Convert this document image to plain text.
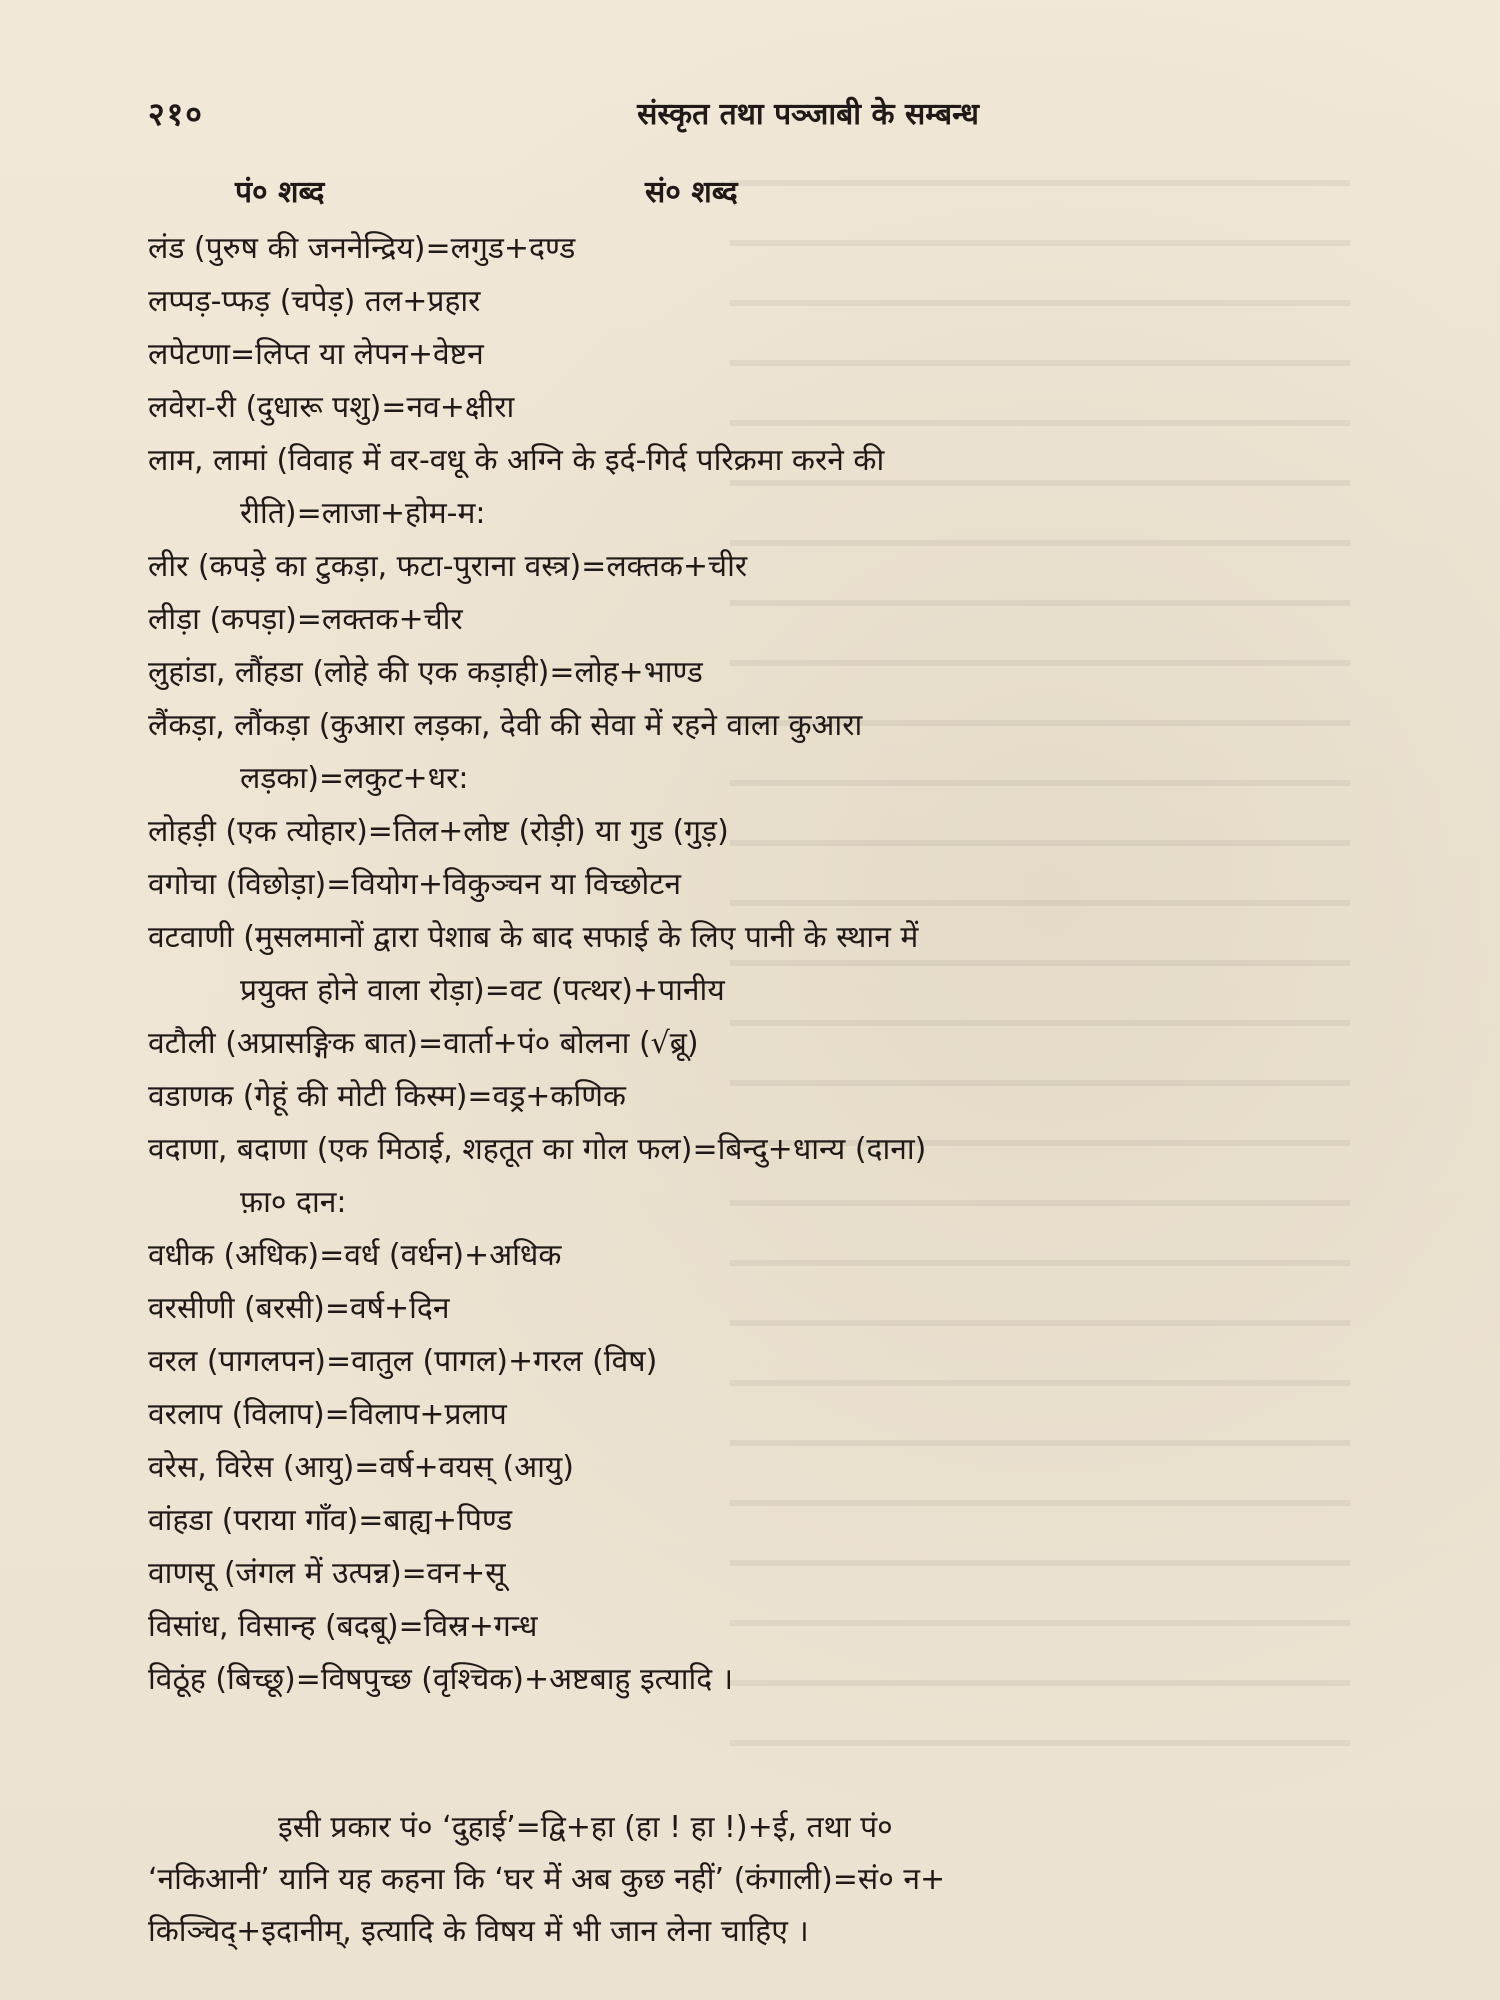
२१०	संस्कृत तथा पञ्जाबी के सम्बन्ध
पं० शब्द	सं० शब्द
लंड (पुरुष की जननेन्द्रिय)=लगुड+दण्ड
लप्पड़-प्फड़ (चपेड़) तल+प्रहार
लपेटणा=लिप्त या लेपन+वेष्टन
लवेरा-री (दुधारू पशु)=नव+क्षीरा
लाम, लामां (विवाह में वर-वधू के अग्नि के इर्द-गिर्द परिक्रमा करने की
रीति)=लाजा+होम-म:
लीर (कपड़े का टुकड़ा, फटा-पुराना वस्त्र)=लक्तक+चीर
लीड़ा (कपड़ा)=लक्तक+चीर
लुहांडा, लौंहडा (लोहे की एक कड़ाही)=लोह+भाण्ड
लैंकड़ा, लौंकड़ा (कुआरा लड़का, देवी की सेवा में रहने वाला कुआरा
लड़का)=लकुट+धर:
लोहड़ी (एक त्योहार)=तिल+लोष्ट (रोड़ी) या गुड (गुड़)
वगोचा (विछोड़ा)=वियोग+विकुञ्चन या विच्छोटन
वटवाणी (मुसलमानों द्वारा पेशाब के बाद सफाई के लिए पानी के स्थान में
प्रयुक्त होने वाला रोड़ा)=वट (पत्थर)+पानीय
वटौली (अप्रासङ्गिक बात)=वार्ता+पं० बोलना (√ब्रू)
वडाणक (गेहूं की मोटी किस्म)=वड्र+कणिक
वदाणा, बदाणा (एक मिठाई, शहतूत का गोल फल)=बिन्दु+धान्य (दाना)
फ़ा० दान:
वधीक (अधिक)=वर्ध (वर्धन)+अधिक
वरसीणी (बरसी)=वर्ष+दिन
वरल (पागलपन)=वातुल (पागल)+गरल (विष)
वरलाप (विलाप)=विलाप+प्रलाप
वरेस, विरेस (आयु)=वर्ष+वयस् (आयु)
वांहडा (पराया गाँव)=बाह्य+पिण्ड
वाणसू (जंगल में उत्पन्न)=वन+सू
विसांध, विसान्ह (बदबू)=विस्र+गन्ध
विठूंह (बिच्छू)=विषपुच्छ (वृश्चिक)+अष्टबाहु इत्यादि ।
इसी प्रकार पं० ‘दुहाई’=द्वि+हा (हा ! हा !)+ई, तथा पं०
‘नकिआनी’ यानि यह कहना कि ‘घर में अब कुछ नहीं’ (कंगाली)=सं० न+
किञ्चिद्+इदानीम्, इत्यादि के विषय में भी जान लेना चाहिए ।
